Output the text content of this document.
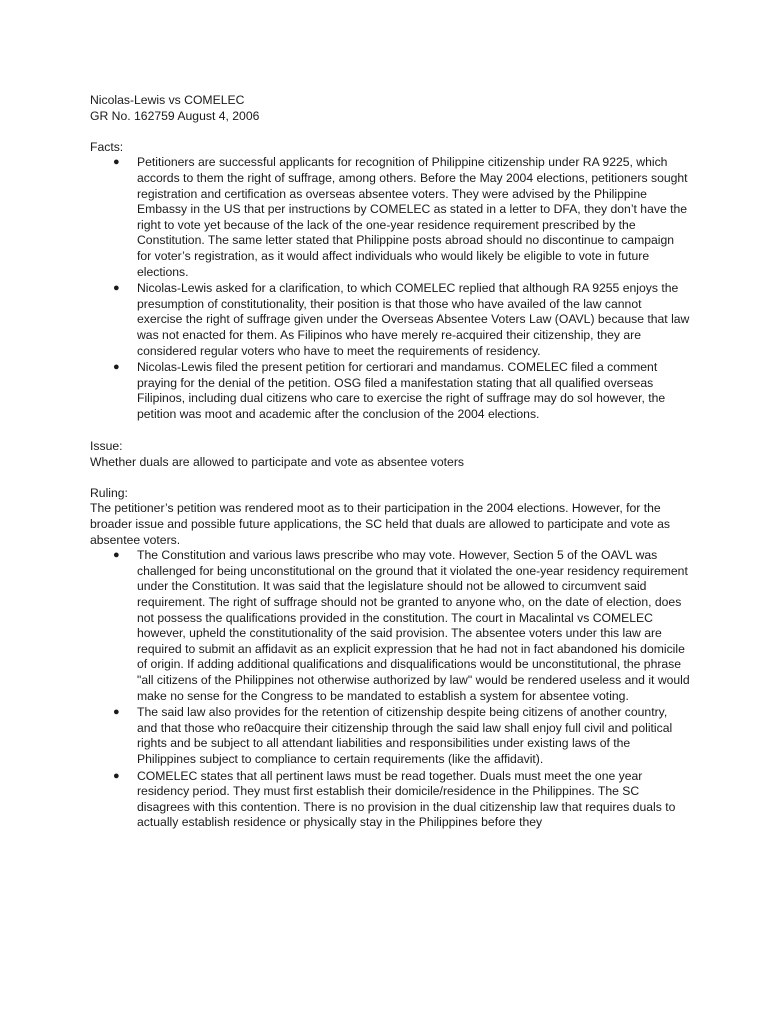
Nicolas-Lewis vs COMELEC

GR No. 162759 August 4, 2006

Facts:

● Petitioners are successful applicants for recognition of Philippine citizenship under RA 9225, which accords to them the right of suffrage, among others. Before the May 2004 elections, petitioners sought registration and certification as overseas absentee voters. They were advised by the Philippine Embassy in the US that per instructions by COMELEC as stated in a letter to DFA, they don’t have the right to vote yet because of the lack of the one-year residence requirement prescribed by the Constitution. The same letter stated that Philippine posts abroad should no discontinue to campaign for voter’s registration, as it would affect individuals who would likely be eligible to vote in future elections.
● Nicolas-Lewis asked for a clarification, to which COMELEC replied that although RA 9255 enjoys the presumption of constitutionality, their position is that those who have availed of the law cannot exercise the right of suffrage given under the Overseas Absentee Voters Law (OAVL) because that law was not enacted for them. As Filipinos who have merely re-acquired their citizenship, they are considered regular voters who have to meet the requirements of residency.
● Nicolas-Lewis filed the present petition for certiorari and mandamus. COMELEC filed a comment praying for the denial of the petition. OSG filed a manifestation stating that all qualified overseas Filipinos, including dual citizens who care to exercise the right of suffrage may do sol however, the petition was moot and academic after the conclusion of the 2004 elections.

Issue:

Whether duals are allowed to participate and vote as absentee voters

Ruling:

The petitioner’s petition was rendered moot as to their participation in the 2004 elections. However, for the broader issue and possible future applications, the SC held that duals are allowed to participate and vote as absentee voters.

● The Constitution and various laws prescribe who may vote. However, Section 5 of the OAVL was challenged for being unconstitutional on the ground that it violated the one-year residency requirement under the Constitution. It was said that the legislature should not be allowed to circumvent said requirement. The right of suffrage should not be granted to anyone who, on the date of election, does not possess the qualifications provided in the constitution. The court in Macalintal vs COMELEC however, upheld the constitutionality of the said provision. The absentee voters under this law are required to submit an affidavit as an explicit expression that he had not in fact abandoned his domicile of origin. If adding additional qualifications and disqualifications would be unconstitutional, the phrase "all citizens of the Philippines not otherwise authorized by law" would be rendered useless and it would make no sense for the Congress to be mandated to establish a system for absentee voting.
● The said law also provides for the retention of citizenship despite being citizens of another country, and that those who re0acquire their citizenship through the said law shall enjoy full civil and political rights and be subject to all attendant liabilities and responsibilities under existing laws of the Philippines subject to compliance to certain requirements (like the affidavit).
● COMELEC states that all pertinent laws must be read together. Duals must meet the one year residency period. They must first establish their domicile/residence in the Philippines. The SC disagrees with this contention. There is no provision in the dual citizenship law that requires duals to actually establish residence or physically stay in the Philippines before they
